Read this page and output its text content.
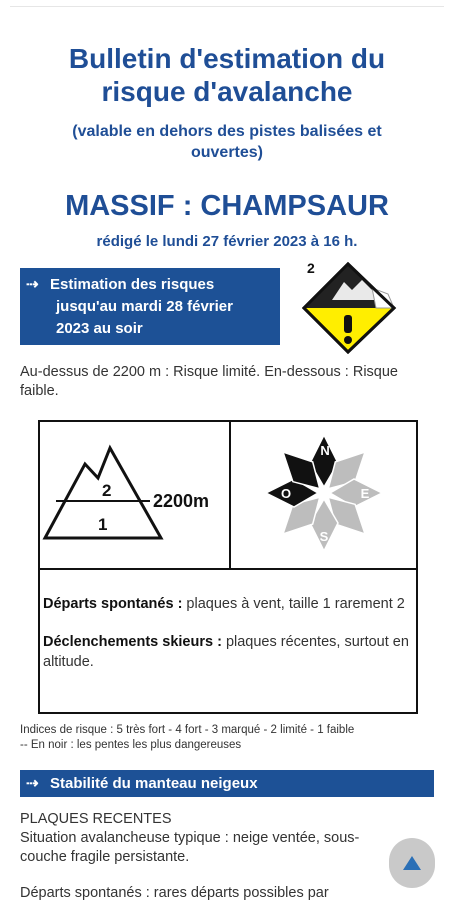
Bulletin d'estimation du
risque d'avalanche
(valable en dehors des pistes balisées et
ouvertes)
MASSIF : CHAMPSAUR
rédigé le lundi 27 février 2023 à 16 h.
⇢ Estimation des risques
jusqu'au mardi 28 février
2023 au soir
2
Au-dessus de 2200 m : Risque limité. En-dessous : Risque faible.
2
1
2200m
N
E
S
O

Départs spontanés : plaques à vent, taille 1 rarement 2

Déclenchements skieurs : plaques récentes, surtout en altitude.

Indices de risque : 5 très fort - 4 fort - 3 marqué - 2 limité - 1 faible
-- En noir : les pentes les plus dangereuses
⇢ Stabilité du manteau neigeux
PLAQUES RECENTES
Situation avalancheuse typique : neige ventée, sous-couche fragile persistante.
Départs spontanés : rares départs possibles par
